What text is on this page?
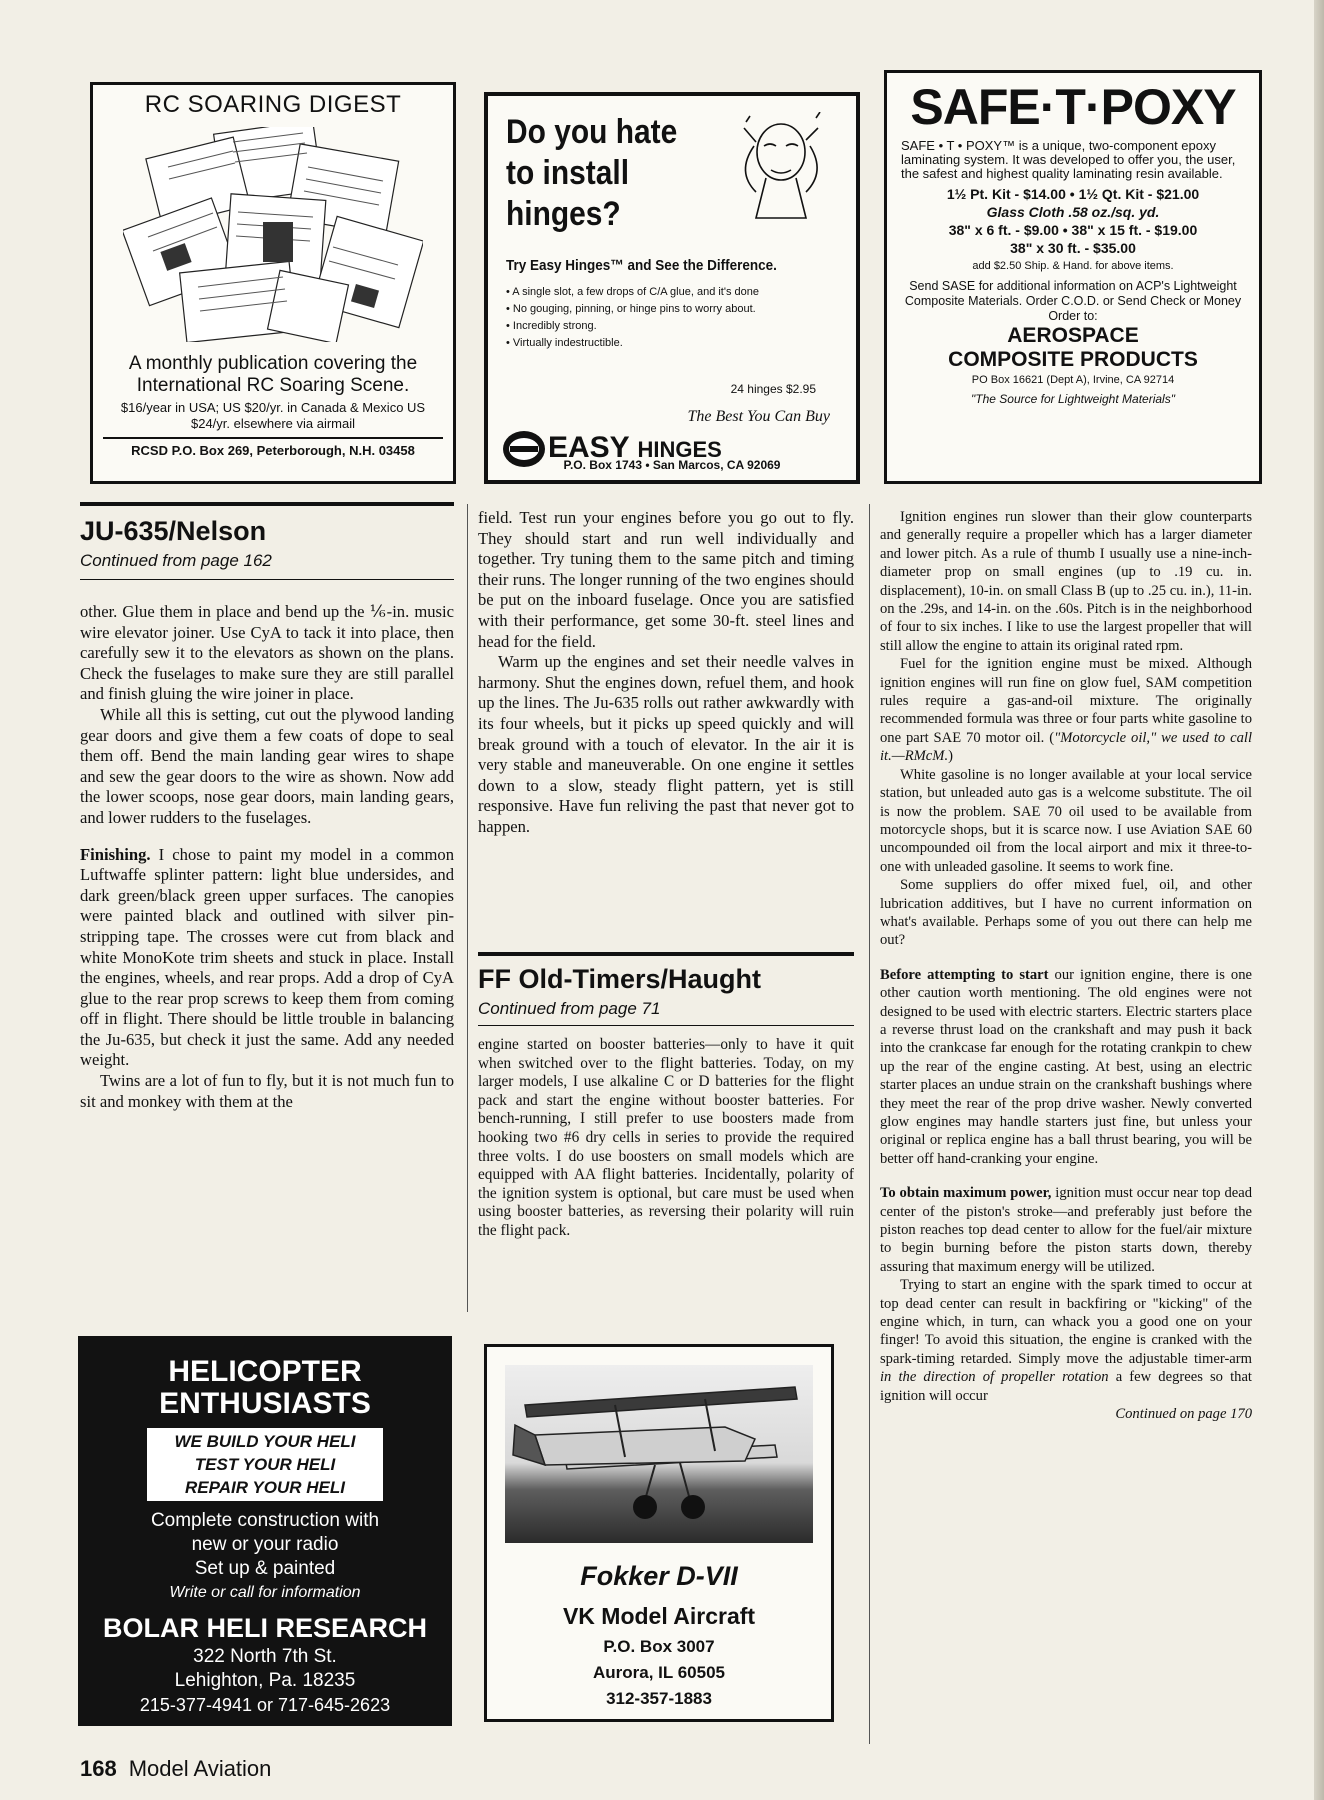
RC SOARING DIGEST
A monthly publication covering the International RC Soaring Scene.
$16/year in USA; US $20/yr. in Canada & Mexico US $24/yr. elsewhere via airmail
RCSD P.O. Box 269, Peterborough, N.H. 03458
Do you hate
to install
hinges?
Try Easy Hinges™ and See the Difference.
• A single slot, a few drops of C/A glue, and it's done
• No gouging, pinning, or hinge pins to worry about.
• Incredibly strong.
• Virtually indestructible.
24 hinges $2.95
The Best You Can Buy
EASY HINGES
P.O. Box 1743 • San Marcos, CA 92069
SAFE·T·POXY
SAFE • T • POXY™ is a unique, two-component epoxy laminating system. It was developed to offer you, the user, the safest and highest quality laminating resin available.
1½ Pt. Kit - $14.00 • 1½ Qt. Kit - $21.00
Glass Cloth .58 oz./sq. yd.
38" x 6 ft. - $9.00 • 38" x 15 ft. - $19.00
38" x 30 ft. - $35.00
add $2.50 Ship. & Hand. for above items.
Send SASE for additional information on ACP's Lightweight Composite Materials. Order C.O.D. or Send Check or Money Order to:
AEROSPACE
COMPOSITE PRODUCTS
PO Box 16621 (Dept A), Irvine, CA 92714
"The Source for Lightweight Materials"
JU-635/Nelson
Continued from page 162

other. Glue them in place and bend up the ⅙-in. music wire elevator joiner. Use CyA to tack it into place, then carefully sew it to the elevators as shown on the plans. Check the fuselages to make sure they are still parallel and finish gluing the wire joiner in place.

While all this is setting, cut out the plywood landing gear doors and give them a few coats of dope to seal them off. Bend the main landing gear wires to shape and sew the gear doors to the wire as shown. Now add the lower scoops, nose gear doors, main landing gears, and lower rudders to the fuselages.

Finishing. I chose to paint my model in a common Luftwaffe splinter pattern: light blue undersides, and dark green/black green upper surfaces. The canopies were painted black and outlined with silver pin-stripping tape. The crosses were cut from black and white MonoKote trim sheets and stuck in place. Install the engines, wheels, and rear props. Add a drop of CyA glue to the rear prop screws to keep them from coming off in flight. There should be little trouble in balancing the Ju-635, but check it just the same. Add any needed weight.

Twins are a lot of fun to fly, but it is not much fun to sit and monkey with them at the

field. Test run your engines before you go out to fly. They should start and run well individually and together. Try tuning them to the same pitch and timing their runs. The longer running of the two engines should be put on the inboard fuselage. Once you are satisfied with their performance, get some 30-ft. steel lines and head for the field.

Warm up the engines and set their needle valves in harmony. Shut the engines down, refuel them, and hook up the lines. The Ju-635 rolls out rather awkwardly with its four wheels, but it picks up speed quickly and will break ground with a touch of elevator. In the air it is very stable and maneuverable. On one engine it settles down to a slow, steady flight pattern, yet is still responsive. Have fun reliving the past that never got to happen.

FF Old-Timers/Haught
Continued from page 71

engine started on booster batteries—only to have it quit when switched over to the flight batteries. Today, on my larger models, I use alkaline C or D batteries for the flight pack and start the engine without booster batteries. For bench-running, I still prefer to use boosters made from hooking two #6 dry cells in series to provide the required three volts. I do use boosters on small models which are equipped with AA flight batteries. Incidentally, polarity of the ignition system is optional, but care must be used when using booster batteries, as reversing their polarity will ruin the flight pack.

Ignition engines run slower than their glow counterparts and generally require a propeller which has a larger diameter and lower pitch. As a rule of thumb I usually use a nine-inch-diameter prop on small engines (up to .19 cu. in. displacement), 10-in. on small Class B (up to .25 cu. in.), 11-in. on the .29s, and 14-in. on the .60s. Pitch is in the neighborhood of four to six inches. I like to use the largest propeller that will still allow the engine to attain its original rated rpm.

Fuel for the ignition engine must be mixed. Although ignition engines will run fine on glow fuel, SAM competition rules require a gas-and-oil mixture. The originally recommended formula was three or four parts white gasoline to one part SAE 70 motor oil. ("Motorcycle oil," we used to call it.—RMcM.)

White gasoline is no longer available at your local service station, but unleaded auto gas is a welcome substitute. The oil is now the problem. SAE 70 oil used to be available from motorcycle shops, but it is scarce now. I use Aviation SAE 60 uncompounded oil from the local airport and mix it three-to-one with unleaded gasoline. It seems to work fine.

Some suppliers do offer mixed fuel, oil, and other lubrication additives, but I have no current information on what's available. Perhaps some of you out there can help me out?

Before attempting to start our ignition engine, there is one other caution worth mentioning. The old engines were not designed to be used with electric starters. Electric starters place a reverse thrust load on the crankshaft and may push it back into the crankcase far enough for the rotating crankpin to chew up the rear of the engine casting. At best, using an electric starter places an undue strain on the crankshaft bushings where they meet the rear of the prop drive washer. Newly converted glow engines may handle starters just fine, but unless your original or replica engine has a ball thrust bearing, you will be better off hand-cranking your engine.

To obtain maximum power, ignition must occur near top dead center of the piston's stroke—and preferably just before the piston reaches top dead center to allow for the fuel/air mixture to begin burning before the piston starts down, thereby assuring that maximum energy will be utilized.

Trying to start an engine with the spark timed to occur at top dead center can result in backfiring or "kicking" of the engine which, in turn, can whack you a good one on your finger! To avoid this situation, the engine is cranked with the spark-timing retarded. Simply move the adjustable timer-arm in the direction of propeller rotation a few degrees so that ignition will occur

Continued on page 170
HELICOPTER
ENTHUSIASTS
WE BUILD YOUR HELI
TEST YOUR HELI
REPAIR YOUR HELI
Complete construction with
new or your radio
Set up & painted
Write or call for information
BOLAR HELI RESEARCH
322 North 7th St.
Lehighton, Pa. 18235
215-377-4941 or 717-645-2623
Fokker D-VII
VK Model Aircraft
P.O. Box 3007
Aurora, IL 60505
312-357-1883
168 Model Aviation
